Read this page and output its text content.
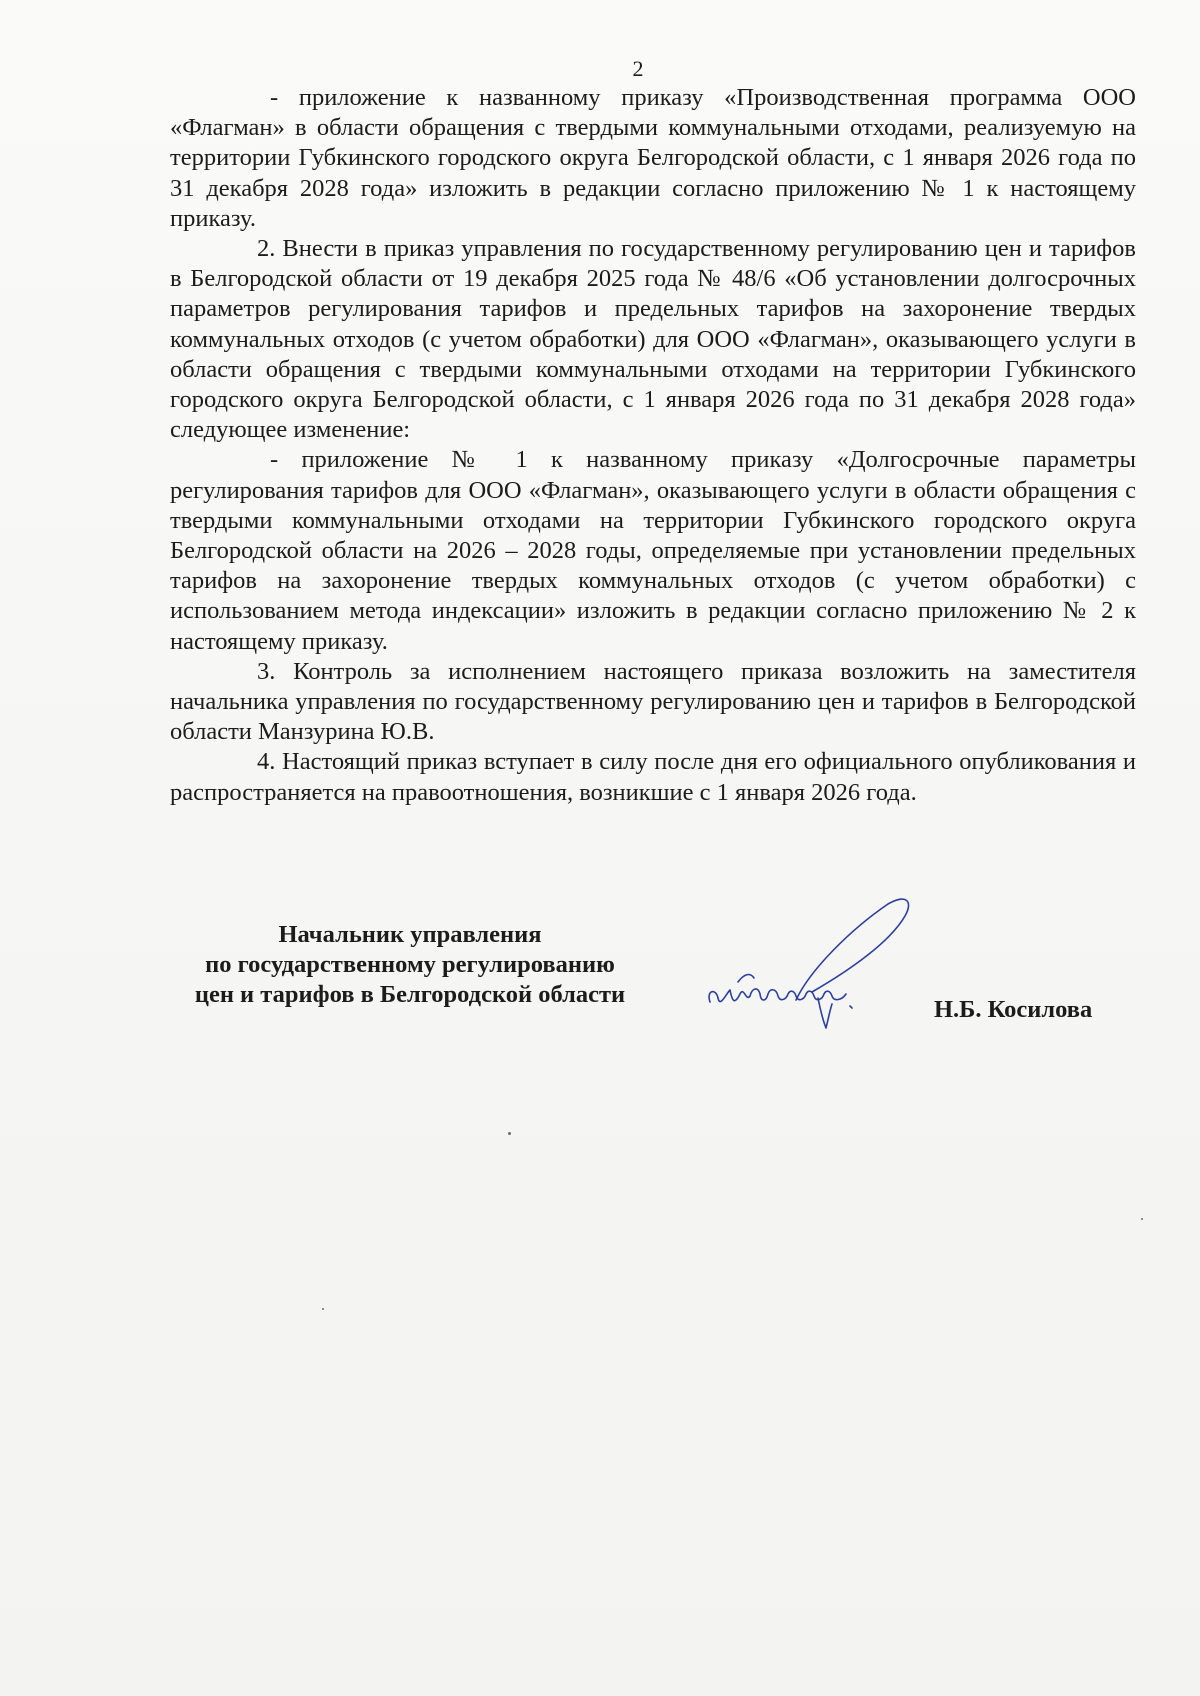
2

- приложение к названному приказу «Производственная программа ООО «Флагман» в области обращения с твердыми коммунальными отходами, реализуемую на территории Губкинского городского округа Белгородской области, с 1 января 2026 года по 31 декабря 2028 года» изложить в редакции согласно приложению № 1 к настоящему приказу.

2. Внести в приказ управления по государственному регулированию цен и тарифов в Белгородской области от 19 декабря 2025 года № 48/6 «Об установлении долгосрочных параметров регулирования тарифов и предельных тарифов на захоронение твердых коммунальных отходов (с учетом обработки) для ООО «Флагман», оказывающего услуги в области обращения с твердыми коммунальными отходами на территории Губкинского городского округа Белгородской области, с 1 января 2026 года по 31 декабря 2028 года» следующее изменение:

- приложение № 1 к названному приказу «Долгосрочные параметры регулирования тарифов для ООО «Флагман», оказывающего услуги в области обращения с твердыми коммунальными отходами на территории Губкинского городского округа Белгородской области на 2026 – 2028 годы, определяемые при установлении предельных тарифов на захоронение твердых коммунальных отходов (с учетом обработки) с использованием метода индексации» изложить в редакции согласно приложению № 2 к настоящему приказу.

3. Контроль за исполнением настоящего приказа возложить на заместителя начальника управления по государственному регулированию цен и тарифов в Белгородской области Манзурина Ю.В.

4. Настоящий приказ вступает в силу после дня его официального опубликования и распространяется на правоотношения, возникшие с 1 января 2026 года.

Начальник управления
по государственному регулированию
цен и тарифов в Белгородской области
Н.Б. Косилова
